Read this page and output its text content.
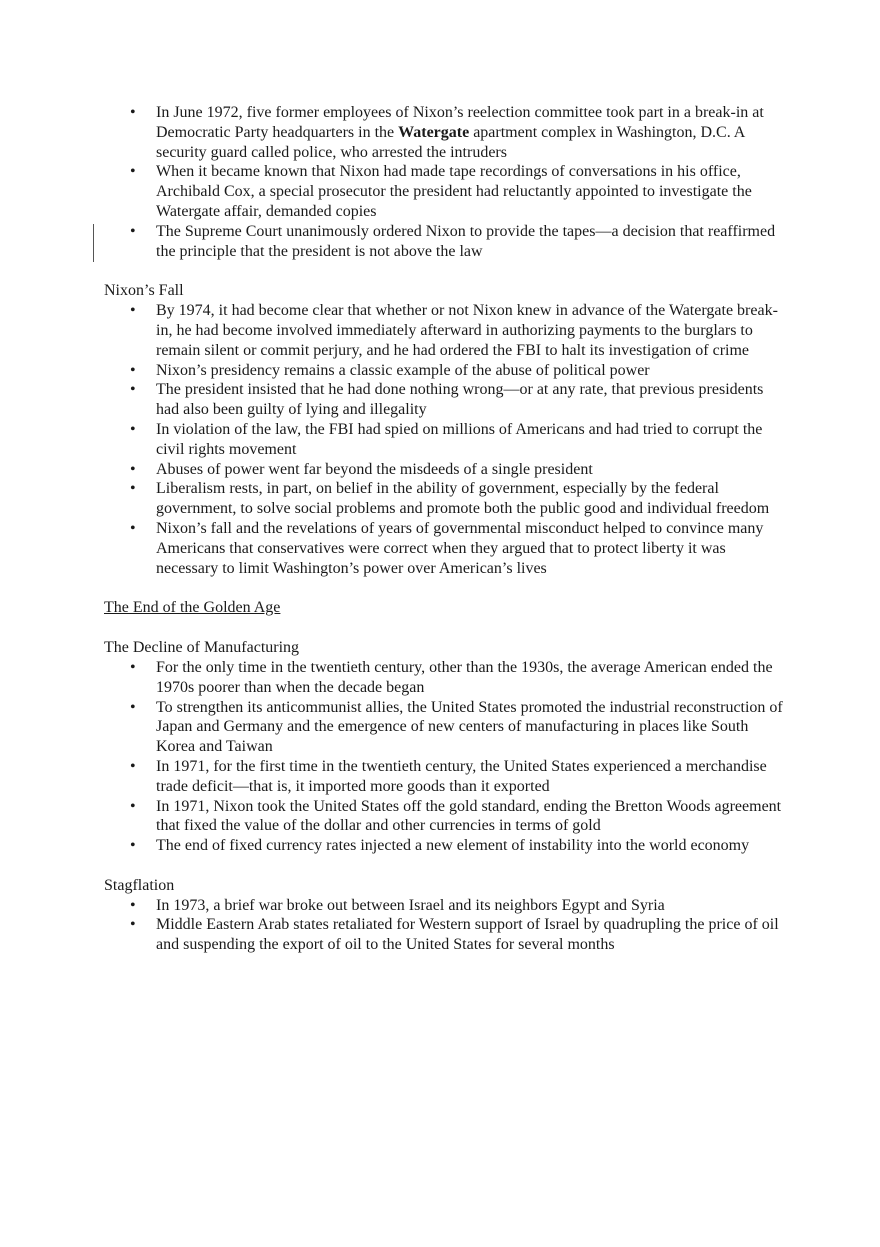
• In June 1972, five former employees of Nixon’s reelection committee took part in a break-in at Democratic Party headquarters in the Watergate apartment complex in Washington, D.C. A security guard called police, who arrested the intruders
• When it became known that Nixon had made tape recordings of conversations in his office, Archibald Cox, a special prosecutor the president had reluctantly appointed to investigate the Watergate affair, demanded copies
• The Supreme Court unanimously ordered Nixon to provide the tapes—a decision that reaffirmed the principle that the president is not above the law

Nixon’s Fall

• By 1974, it had become clear that whether or not Nixon knew in advance of the Watergate break-in, he had become involved immediately afterward in authorizing payments to the burglars to remain silent or commit perjury, and he had ordered the FBI to halt its investigation of crime
• Nixon’s presidency remains a classic example of the abuse of political power
• The president insisted that he had done nothing wrong—or at any rate, that previous presidents had also been guilty of lying and illegality
• In violation of the law, the FBI had spied on millions of Americans and had tried to corrupt the civil rights movement
• Abuses of power went far beyond the misdeeds of a single president
• Liberalism rests, in part, on belief in the ability of government, especially by the federal government, to solve social problems and promote both the public good and individual freedom
• Nixon’s fall and the revelations of years of governmental misconduct helped to convince many Americans that conservatives were correct when they argued that to protect liberty it was necessary to limit Washington’s power over American’s lives

The End of the Golden Age

The Decline of Manufacturing

• For the only time in the twentieth century, other than the 1930s, the average American ended the 1970s poorer than when the decade began
• To strengthen its anticommunist allies, the United States promoted the industrial reconstruction of Japan and Germany and the emergence of new centers of manufacturing in places like South Korea and Taiwan
• In 1971, for the first time in the twentieth century, the United States experienced a merchandise trade deficit—that is, it imported more goods than it exported
• In 1971, Nixon took the United States off the gold standard, ending the Bretton Woods agreement that fixed the value of the dollar and other currencies in terms of gold
• The end of fixed currency rates injected a new element of instability into the world economy

Stagflation

• In 1973, a brief war broke out between Israel and its neighbors Egypt and Syria
• Middle Eastern Arab states retaliated for Western support of Israel by quadrupling the price of oil and suspending the export of oil to the United States for several months
